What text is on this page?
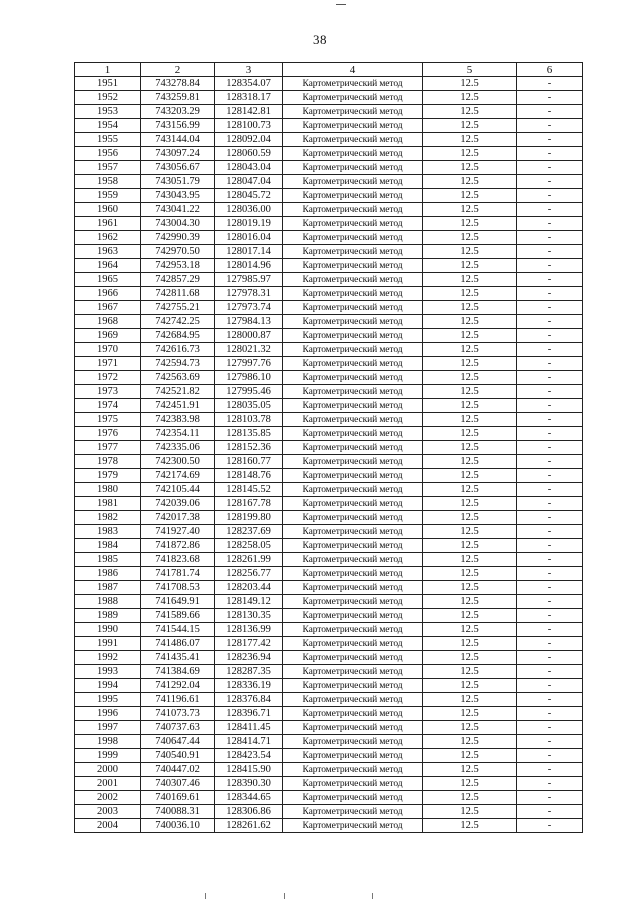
38
1	2	3	4	5	6
1951	743278.84	128354.07	Картометрический метод	12.5	-
1952	743259.81	128318.17	Картометрический метод	12.5	-
1953	743203.29	128142.81	Картометрический метод	12.5	-
1954	743156.99	128100.73	Картометрический метод	12.5	-
1955	743144.04	128092.04	Картометрический метод	12.5	-
1956	743097.24	128060.59	Картометрический метод	12.5	-
1957	743056.67	128043.04	Картометрический метод	12.5	-
1958	743051.79	128047.04	Картометрический метод	12.5	-
1959	743043.95	128045.72	Картометрический метод	12.5	-
1960	743041.22	128036.00	Картометрический метод	12.5	-
1961	743004.30	128019.19	Картометрический метод	12.5	-
1962	742990.39	128016.04	Картометрический метод	12.5	-
1963	742970.50	128017.14	Картометрический метод	12.5	-
1964	742953.18	128014.96	Картометрический метод	12.5	-
1965	742857.29	127985.97	Картометрический метод	12.5	-
1966	742811.68	127978.31	Картометрический метод	12.5	-
1967	742755.21	127973.74	Картометрический метод	12.5	-
1968	742742.25	127984.13	Картометрический метод	12.5	-
1969	742684.95	128000.87	Картометрический метод	12.5	-
1970	742616.73	128021.32	Картометрический метод	12.5	-
1971	742594.73	127997.76	Картометрический метод	12.5	-
1972	742563.69	127986.10	Картометрический метод	12.5	-
1973	742521.82	127995.46	Картометрический метод	12.5	-
1974	742451.91	128035.05	Картометрический метод	12.5	-
1975	742383.98	128103.78	Картометрический метод	12.5	-
1976	742354.11	128135.85	Картометрический метод	12.5	-
1977	742335.06	128152.36	Картометрический метод	12.5	-
1978	742300.50	128160.77	Картометрический метод	12.5	-
1979	742174.69	128148.76	Картометрический метод	12.5	-
1980	742105.44	128145.52	Картометрический метод	12.5	-
1981	742039.06	128167.78	Картометрический метод	12.5	-
1982	742017.38	128199.80	Картометрический метод	12.5	-
1983	741927.40	128237.69	Картометрический метод	12.5	-
1984	741872.86	128258.05	Картометрический метод	12.5	-
1985	741823.68	128261.99	Картометрический метод	12.5	-
1986	741781.74	128256.77	Картометрический метод	12.5	-
1987	741708.53	128203.44	Картометрический метод	12.5	-
1988	741649.91	128149.12	Картометрический метод	12.5	-
1989	741589.66	128130.35	Картометрический метод	12.5	-
1990	741544.15	128136.99	Картометрический метод	12.5	-
1991	741486.07	128177.42	Картометрический метод	12.5	-
1992	741435.41	128236.94	Картометрический метод	12.5	-
1993	741384.69	128287.35	Картометрический метод	12.5	-
1994	741292.04	128336.19	Картометрический метод	12.5	-
1995	741196.61	128376.84	Картометрический метод	12.5	-
1996	741073.73	128396.71	Картометрический метод	12.5	-
1997	740737.63	128411.45	Картометрический метод	12.5	-
1998	740647.44	128414.71	Картометрический метод	12.5	-
1999	740540.91	128423.54	Картометрический метод	12.5	-
2000	740447.02	128415.90	Картометрический метод	12.5	-
2001	740307.46	128390.30	Картометрический метод	12.5	-
2002	740169.61	128344.65	Картометрический метод	12.5	-
2003	740088.31	128306.86	Картометрический метод	12.5	-
2004	740036.10	128261.62	Картометрический метод	12.5	-
